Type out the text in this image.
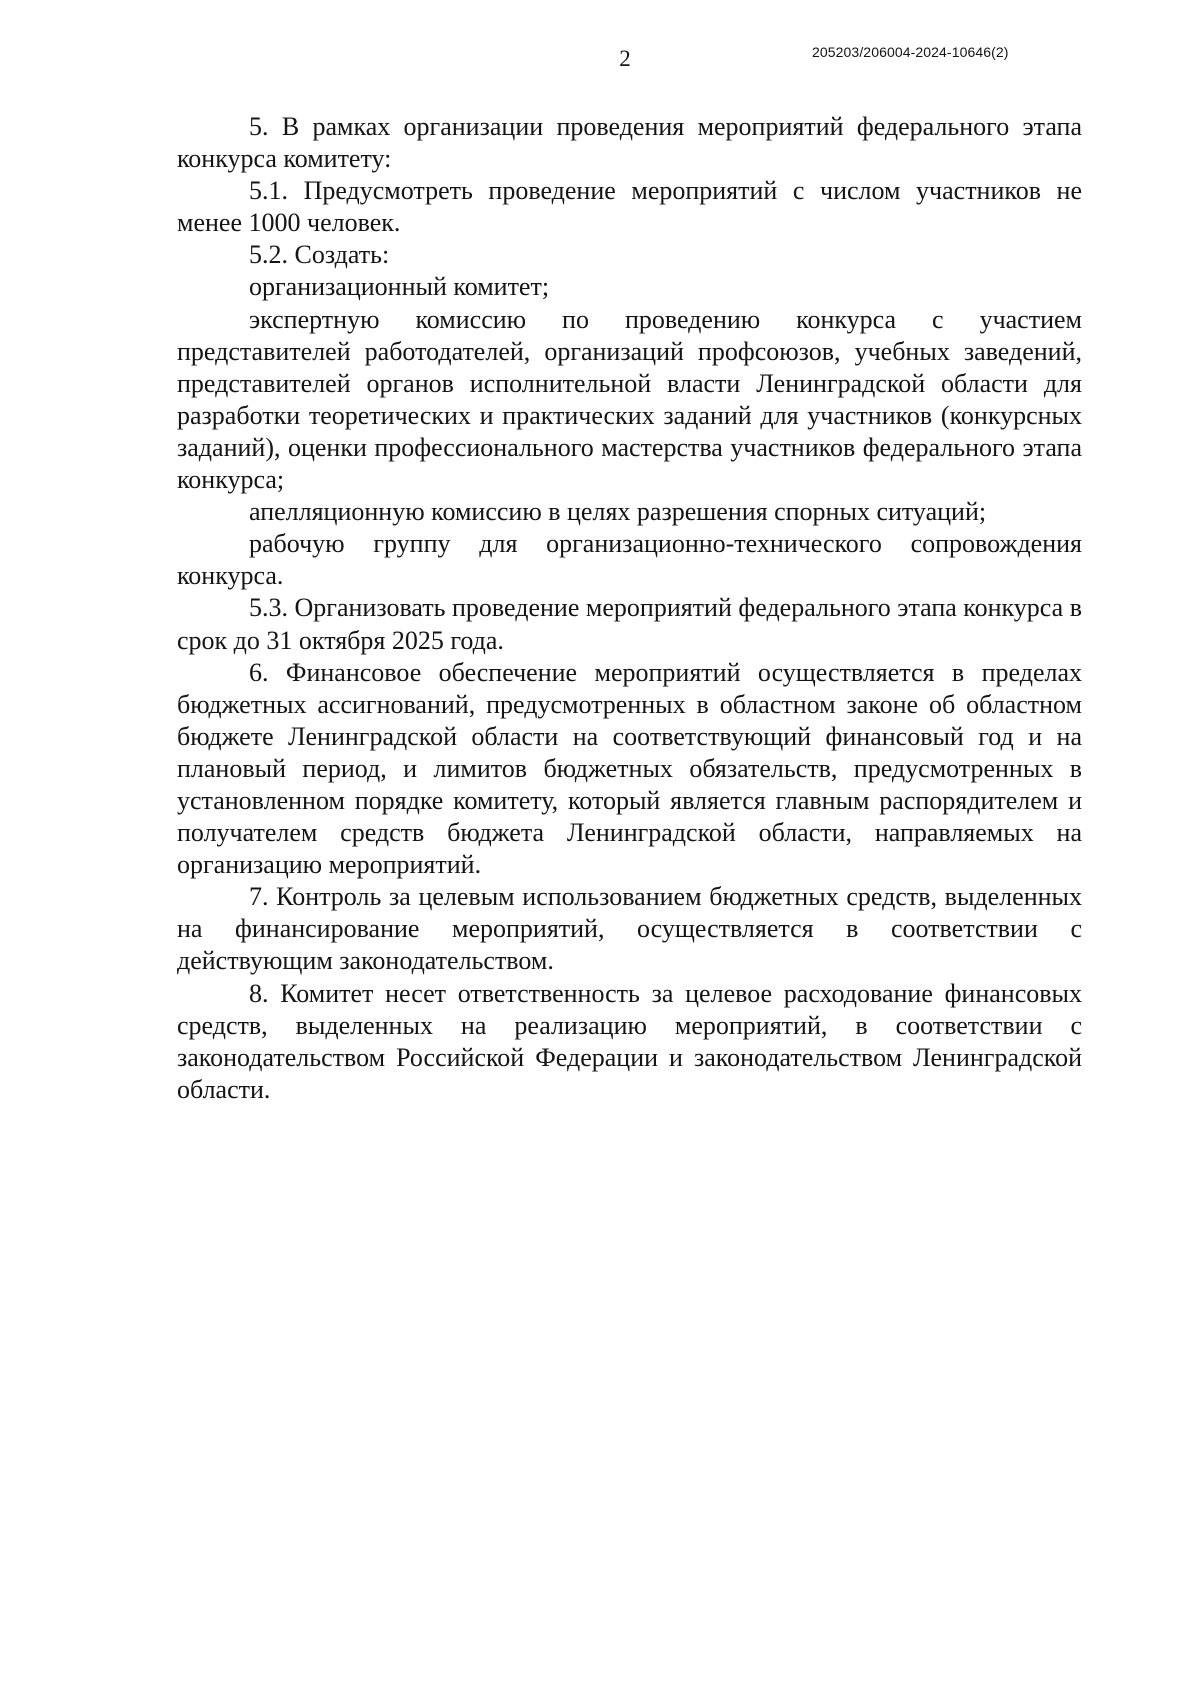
2	205203/206004-2024-10646(2)

5. В рамках организации проведения мероприятий федерального этапа конкурса комитету:

5.1. Предусмотреть проведение мероприятий с числом участников не менее 1000 человек.

5.2. Создать:

организационный комитет;

экспертную комиссию по проведению конкурса с участием представителей работодателей, организаций профсоюзов, учебных заведений, представителей органов исполнительной власти Ленинградской области для разработки теоретических и практических заданий для участников (конкурсных заданий), оценки профессионального мастерства участников федерального этапа конкурса;

апелляционную комиссию в целях разрешения спорных ситуаций;

рабочую группу для организационно-технического сопровождения конкурса.

5.3. Организовать проведение мероприятий федерального этапа конкурса в срок до 31 октября 2025 года.

6. Финансовое обеспечение мероприятий осуществляется в пределах бюджетных ассигнований, предусмотренных в областном законе об областном бюджете Ленинградской области на соответствующий финансовый год и на плановый период, и лимитов бюджетных обязательств, предусмотренных в установленном порядке комитету, который является главным распорядителем и получателем средств бюджета Ленинградской области, направляемых на организацию мероприятий.

7. Контроль за целевым использованием бюджетных средств, выделенных на финансирование мероприятий, осуществляется в соответствии с действующим законодательством.

8. Комитет несет ответственность за целевое расходование финансовых средств, выделенных на реализацию мероприятий, в соответствии с законодательством Российской Федерации и законодательством Ленинградской области.
